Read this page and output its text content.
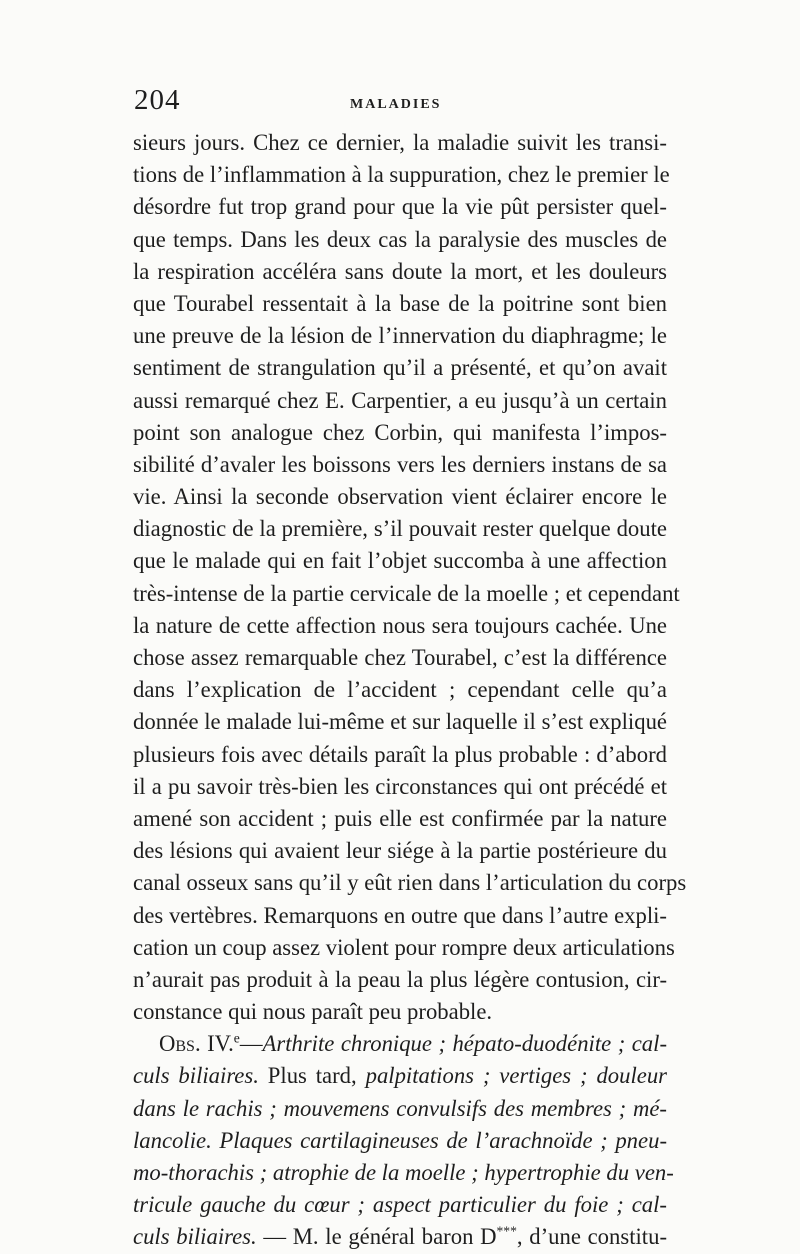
204	MALADIES
sieurs jours. Chez ce dernier, la maladie suivit les transi-
tions de l’inflammation à la suppuration, chez le premier le
désordre fut trop grand pour que la vie pût persister quel-
que temps. Dans les deux cas la paralysie des muscles de
la respiration accéléra sans doute la mort, et les douleurs
que Tourabel ressentait à la base de la poitrine sont bien
une preuve de la lésion de l’innervation du diaphragme; le
sentiment de strangulation qu’il a présenté, et qu’on avait
aussi remarqué chez E. Carpentier, a eu jusqu’à un certain
point son analogue chez Corbin, qui manifesta l’impos-
sibilité d’avaler les boissons vers les derniers instans de sa
vie. Ainsi la seconde observation vient éclairer encore le
diagnostic de la première, s’il pouvait rester quelque doute
que le malade qui en fait l’objet succomba à une affection
très-intense de la partie cervicale de la moelle ; et cependant
la nature de cette affection nous sera toujours cachée. Une
chose assez remarquable chez Tourabel, c’est la différence
dans l’explication de l’accident ; cependant celle qu’a
donnée le malade lui-même et sur laquelle il s’est expliqué
plusieurs fois avec détails paraît la plus probable : d’abord
il a pu savoir très-bien les circonstances qui ont précédé et
amené son accident ; puis elle est confirmée par la nature
des lésions qui avaient leur siége à la partie postérieure du
canal osseux sans qu’il y eût rien dans l’articulation du corps
des vertèbres. Remarquons en outre que dans l’autre expli-
cation un coup assez violent pour rompre deux articulations
n’aurait pas produit à la peau la plus légère contusion, cir-
constance qui nous paraît peu probable.
Obs. IV.$^e$—Arthrite chronique ; hépato-duodénite ; cal-
culs biliaires. Plus tard, palpitations ; vertiges ; douleur
dans le rachis ; mouvemens convulsifs des membres ; mé-
lancolie. Plaques cartilagineuses de l’arachnoïde ; pneu-
mo-thorachis ; atrophie de la moelle ; hypertrophie du ven-
tricule gauche du cœur ; aspect particulier du foie ; cal-
culs biliaires. — M. le général baron D***, d’une constitu-
